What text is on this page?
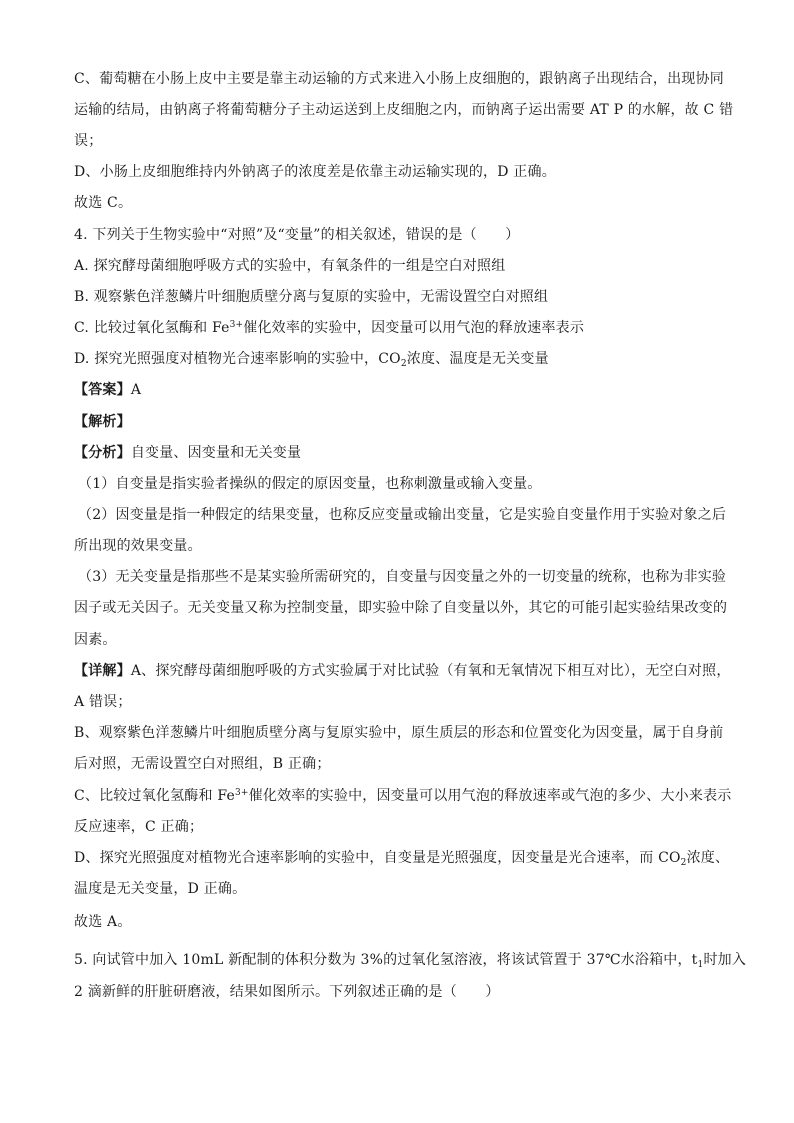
C、葡萄糖在小肠上皮中主要是靠主动运输的方式来进入小肠上皮细胞的，跟钠离子出现结合，出现协同
运输的结局，由钠离子将葡萄糖分子主动运送到上皮细胞之内，而钠离子运出需要 AT P 的水解，故 C 错
误；
D、小肠上皮细胞维持内外钠离子的浓度差是依靠主动运输实现的，D 正确。
故选 C。
4. 下列关于生物实验中“对照”及“变量”的相关叙述，错误的是（　　）
A. 探究酵母菌细胞呼吸方式的实验中，有氧条件的一组是空白对照组
B. 观察紫色洋葱鳞片叶细胞质壁分离与复原的实验中，无需设置空白对照组
C. 比较过氧化氢酶和 $Fe^{3+}$催化效率的实验中，因变量可以用气泡的释放速率表示
D. 探究光照强度对植物光合速率影响的实验中，$CO_2$浓度、温度是无关变量
【答案】A
【解析】
【分析】自变量、因变量和无关变量
（1）自变量是指实验者操纵的假定的原因变量，也称刺激量或输入变量。
（2）因变量是指一种假定的结果变量，也称反应变量或输出变量，它是实验自变量作用于实验对象之后
所出现的效果变量。
（3）无关变量是指那些不是某实验所需研究的，自变量与因变量之外的一切变量的统称，也称为非实验
因子或无关因子。无关变量又称为控制变量，即实验中除了自变量以外，其它的可能引起实验结果改变的
因素。
【详解】A、探究酵母菌细胞呼吸的方式实验属于对比试验（有氧和无氧情况下相互对比），无空白对照，
A 错误；
B、观察紫色洋葱鳞片叶细胞质壁分离与复原实验中，原生质层的形态和位置变化为因变量，属于自身前
后对照，无需设置空白对照组，B 正确；
C、比较过氧化氢酶和 $Fe^{3+}$催化效率的实验中，因变量可以用气泡的释放速率或气泡的多少、大小来表示
反应速率，C 正确；
D、探究光照强度对植物光合速率影响的实验中，自变量是光照强度，因变量是光合速率，而 $CO_2$浓度、
温度是无关变量，D 正确。
故选 A。
5. 向试管中加入 10mL 新配制的体积分数为 3%的过氧化氢溶液，将该试管置于 37℃水浴箱中，$t_1$时加入
2 滴新鲜的肝脏研磨液，结果如图所示。下列叙述正确的是（　　）
